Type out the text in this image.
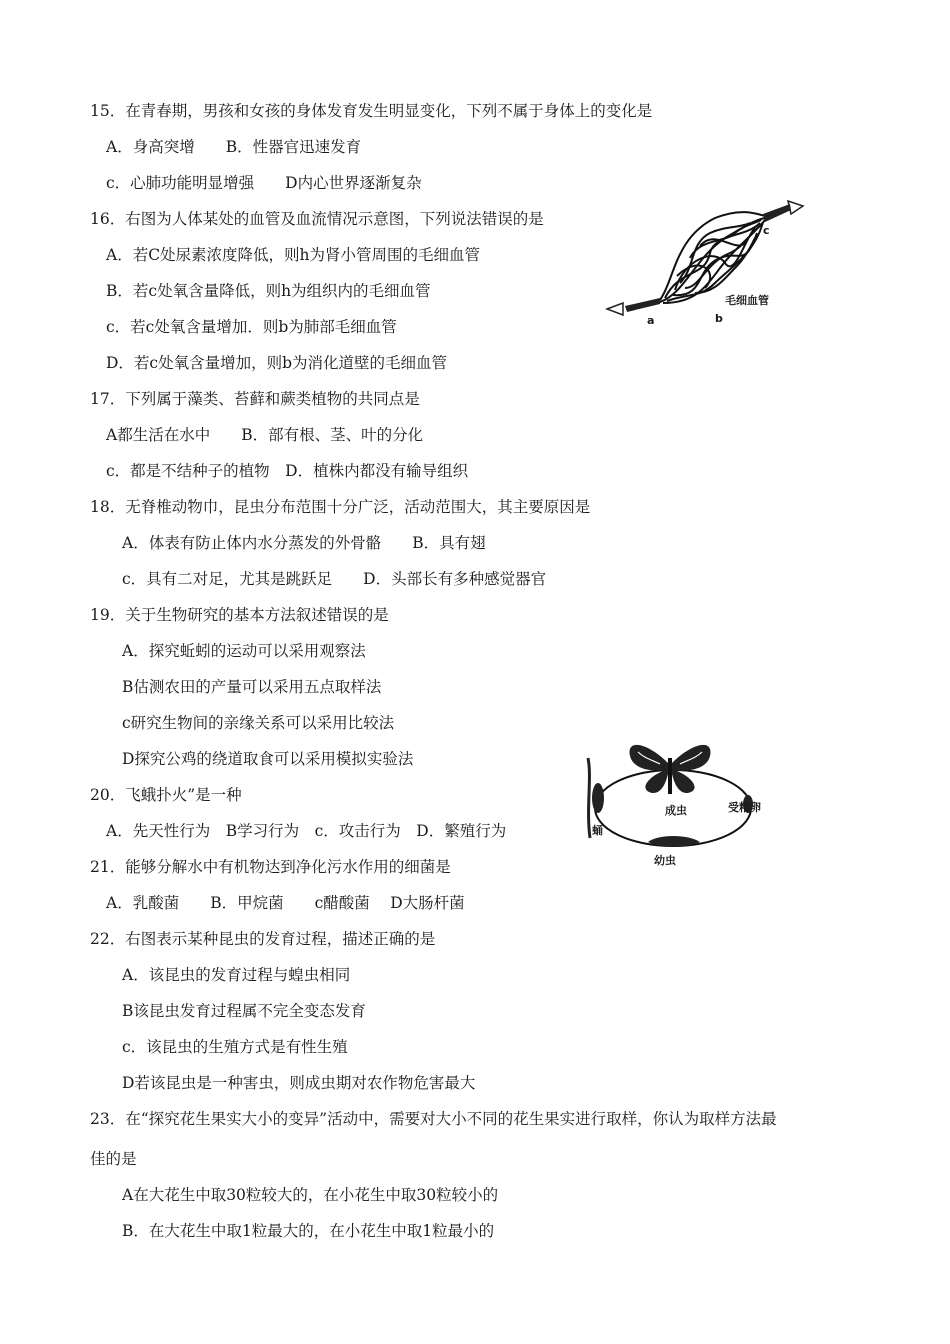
15．在青春期，男孩和女孩的身体发育发生明显变化，下列不属于身体上的变化是
A．身高突增　　B．性器官迅速发育
c．心肺功能明显增强　　D内心世界逐渐复杂
16．右图为人体某处的血管及血流情况示意图，下列说法错误的是
A．若C处尿素浓度降低，则h为肾小管周围的毛细血管
B．若c处氧含量降低，则h为组织内的毛细血管
c．若c处氧含量增加．则b为肺部毛细血管
D．若c处氧含量增加，则b为消化道壁的毛细血管
a	b
c
毛细血管
17．下列属于藻类、苔藓和蕨类植物的共同点是
A都生活在水中　　B．部有根、茎、叶的分化
c．都是不结种子的植物　D．植株内都没有输导组织
18．无脊椎动物巾，昆虫分布范围十分广泛，活动范围大，其主要原因是
A．体表有防止体内水分蒸发的外骨骼　　B．具有翅
c．具有二对足，尤其是跳跃足　　D．头部长有多种感觉器官
19．关于生物研究的基本方法叙述错误的是
A．探究蚯蚓的运动可以采用观察法
B估测农田的产量可以采用五点取样法
c研究生物间的亲缘关系可以采用比较法
D探究公鸡的绕道取食可以采用模拟实验法
20．飞蛾扑火”是一种
A．先天性行为　B学习行为　c．攻击行为　D．繁殖行为
成虫	受精卵
幼虫
蛹
21．能够分解水中有机物达到净化污水作用的细菌是
A．乳酸菌　　B．甲烷菌　　c醋酸菌　 D大肠杆菌
22．右图表示某种昆虫的发育过程，描述正确的是
A．该昆虫的发育过程与蝗虫相同
B该昆虫发育过程属不完全变态发育
c．该昆虫的生殖方式是有性生殖
D若该昆虫是一种害虫，则成虫期对农作物危害最大
23．在“探究花生果实大小的变异”活动中，需要对大小不同的花生果实进行取样，你认为取样方法最
佳的是
A在大花生中取30粒较大的，在小花生中取30粒较小的
B．在大花生中取1粒最大的，在小花生中取1粒最小的
